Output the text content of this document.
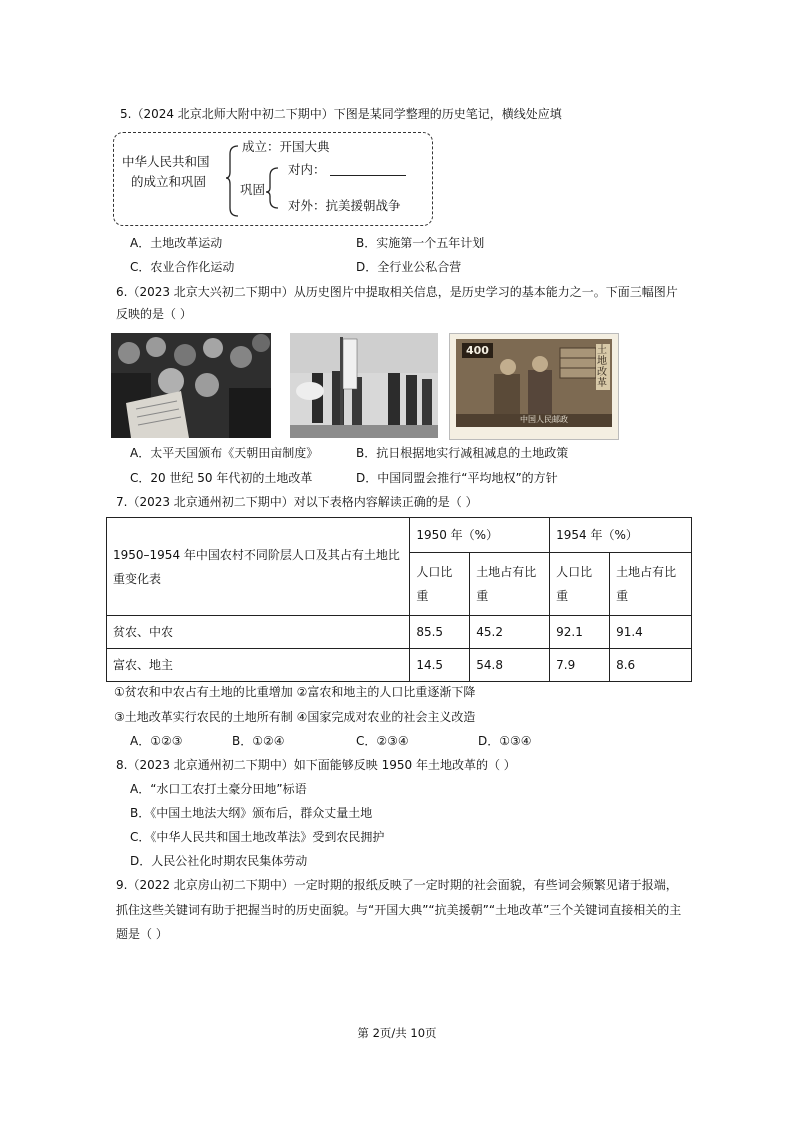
5.（2024 北京北师大附中初二下期中）下图是某同学整理的历史笔记，横线处应填
中华人民共和国
的成立和巩固
成立：开国大典
巩固
对内：
对外：抗美援朝战争
A．土地改革运动	B．实施第一个五年计划
C．农业合作化运动	D．全行业公私合营
6.（2023 北京大兴初二下期中）从历史图片中提取相关信息，是历史学习的基本能力之一。下面三幅图片
反映的是（ ）
400	土地改革
中国人民邮政
A．太平天国颁布《天朝田亩制度》	B．抗日根据地实行减租减息的土地政策
C．20 世纪 50 年代初的土地改革	D．中国同盟会推行“平均地权”的方针
7.（2023 北京通州初二下期中）对以下表格内容解读正确的是（ ）
1950–1954 年中国农村不同阶层人口及其占有土地比重变化表	1950 年（%）		1954 年（%）	
	人口比重	土地占有比重	人口比重	土地占有比重
贫农、中农	85.5	45.2	92.1	91.4
富农、地主	14.5	54.8	7.9	8.6
①贫农和中农占有土地的比重增加 ②富农和地主的人口比重逐渐下降
③土地改革实行农民的土地所有制 ④国家完成对农业的社会主义改造
A．①②③	B．①②④	C．②③④	D．①③④
8.（2023 北京通州初二下期中）如下面能够反映 1950 年土地改革的（ ）
A．“水口工农打土豪分田地”标语
B．《中国土地法大纲》颁布后，群众丈量土地
C．《中华人民共和国土地改革法》受到农民拥护
D．人民公社化时期农民集体劳动
9.（2022 北京房山初二下期中）一定时期的报纸反映了一定时期的社会面貌，有些词会频繁见诸于报端，
抓住这些关键词有助于把握当时的历史面貌。与“开国大典”“抗美援朝”“土地改革”三个关键词直接相关的主
题是（ ）
第 2页/共 10页
